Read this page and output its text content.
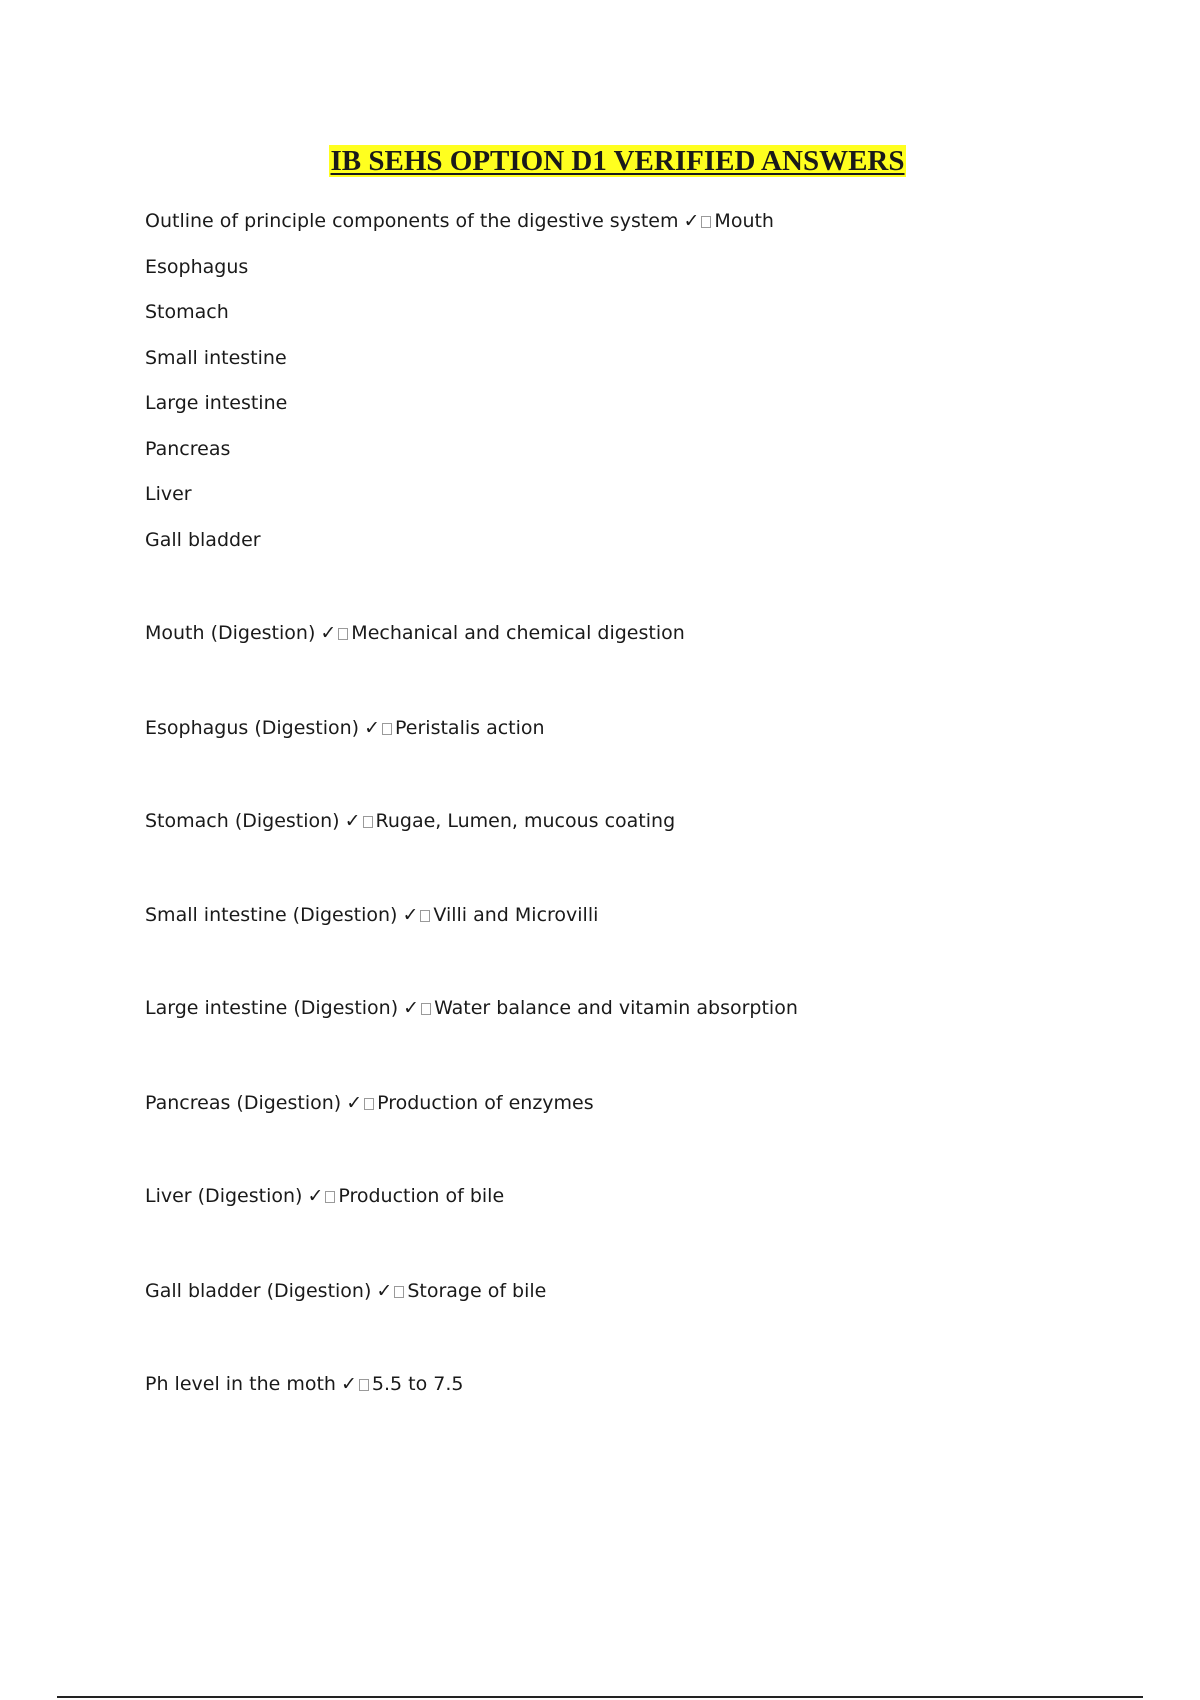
IB SEHS OPTION D1 VERIFIED ANSWERS
Outline of principle components of the digestive system ✓ Mouth
Esophagus
Stomach
Small intestine
Large intestine
Pancreas
Liver
Gall bladder
Mouth (Digestion) ✓ Mechanical and chemical digestion
Esophagus (Digestion) ✓ Peristalis action
Stomach (Digestion) ✓ Rugae, Lumen, mucous coating
Small intestine (Digestion) ✓ Villi and Microvilli
Large intestine (Digestion) ✓ Water balance and vitamin absorption
Pancreas (Digestion) ✓ Production of enzymes
Liver (Digestion) ✓ Production of bile
Gall bladder (Digestion) ✓ Storage of bile
Ph level in the moth ✓ 5.5 to 7.5
